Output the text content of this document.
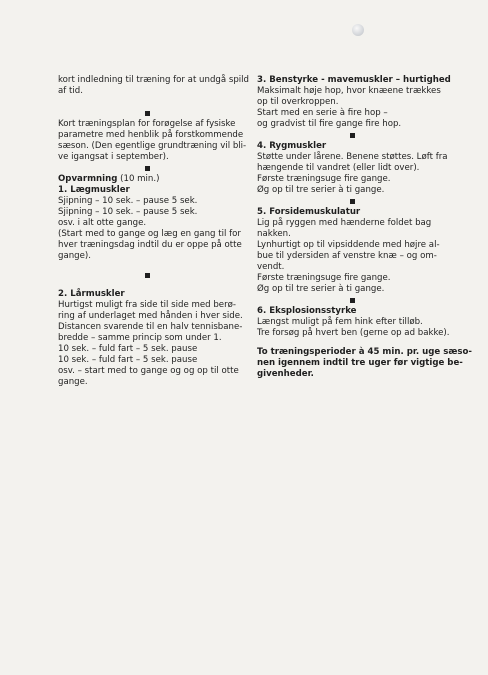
kort indledning til træning for at undgå spild
af tid.
Kort træningsplan for forøgelse af fysiske
parametre med henblik på forstkommende
sæson. (Den egentlige grundtræning vil bli-
ve igangsat i september).
Opvarmning (10 min.)
1. Lægmuskler
Sjipning – 10 sek. – pause 5 sek.
Sjipning – 10 sek. – pause 5 sek.
osv. i alt otte gange.
(Start med to gange og læg en gang til for
hver træningsdag indtil du er oppe på otte
gange).
2. Lårmuskler
Hurtigst muligt fra side til side med berø-
ring af underlaget med hånden i hver side.
Distancen svarende til en halv tennisbane-
bredde – samme princip som under 1.
10 sek. – fuld fart – 5 sek. pause
10 sek. – fuld fart – 5 sek. pause
osv. – start med to gange og og op til otte
gange.
3. Benstyrke - mavemuskler – hurtighed
Maksimalt høje hop, hvor knæene trækkes
op til overkroppen.
Start med en serie à fire hop –
og gradvist til fire gange fire hop.
4. Rygmuskler
Støtte under lårene. Benene støttes. Løft fra
hængende til vandret (eller lidt over).
Første træningsuge fire gange.
Øg op til tre serier à ti gange.
5. Forsidemuskulatur
Lig på ryggen med hænderne foldet bag
nakken.
Lynhurtigt op til vipsiddende med højre al-
bue til ydersiden af venstre knæ – og om-
vendt.
Første træningsuge fire gange.
Øg op til tre serier à ti gange.
6. Eksplosionsstyrke
Længst muligt på fem hink efter tilløb.
Tre forsøg på hvert ben (gerne op ad bakke).
To træningsperioder à 45 min. pr. uge sæso-
nen igennem indtil tre uger før vigtige be-
givenheder.
